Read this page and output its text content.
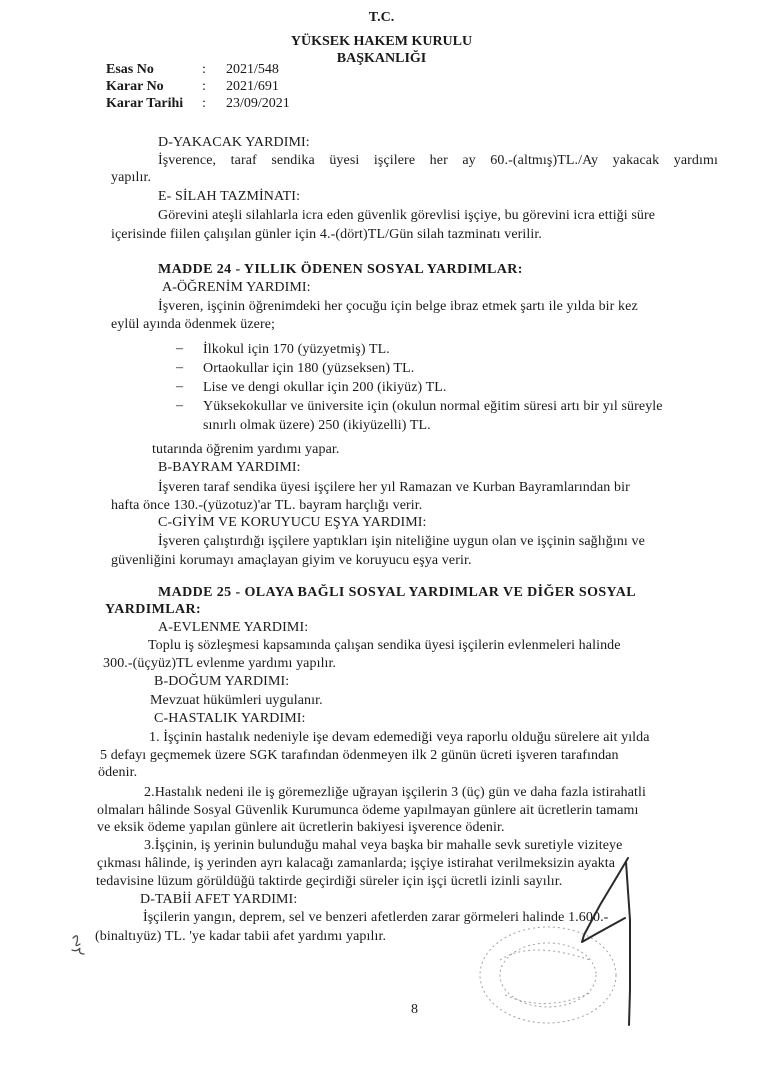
T.C.
YÜKSEK HAKEM KURULU
BAŞKANLIĞI
Esas No	: 2021/548
Karar No	: 2021/691
Karar Tarihi : 23/09/2021
D-YAKACAK YARDIMI:
İşverence, taraf sendika üyesi işçilere her ay 60.-(altmış)TL./Ay yakacak yardımı
yapılır.
E- SİLAH TAZMİNATI:
Görevini ateşli silahlarla icra eden güvenlik görevlisi işçiye, bu görevini icra ettiği süre
içerisinde fiilen çalışılan günler için 4.-(dört)TL/Gün silah tazminatı verilir.
MADDE 24 - YILLIK ÖDENEN SOSYAL YARDIMLAR:
A-ÖĞRENİM YARDIMI:
İşveren, işçinin öğrenimdeki her çocuğu için belge ibraz etmek şartı ile yılda bir kez
eylül ayında ödenmek üzere;
– İlkokul için 170 (yüzyetmiş) TL.
– Ortaokullar için 180 (yüzseksen) TL.
– Lise ve dengi okullar için 200 (ikiyüz) TL.
– Yüksekokullar ve üniversite için (okulun normal eğitim süresi artı bir yıl süreyle
sınırlı olmak üzere) 250 (ikiyüzelli) TL.
tutarında öğrenim yardımı yapar.
B-BAYRAM YARDIMI:
İşveren taraf sendika üyesi işçilere her yıl Ramazan ve Kurban Bayramlarından bir
hafta önce 130.-(yüzotuz)'ar TL. bayram harçlığı verir.
C-GİYİM VE KORUYUCU EŞYA YARDIMI:
İşveren çalıştırdığı işçilere yaptıkları işin niteliğine uygun olan ve işçinin sağlığını ve
güvenliğini korumayı amaçlayan giyim ve koruyucu eşya verir.
MADDE 25 - OLAYA BAĞLI SOSYAL YARDIMLAR VE DİĞER SOSYAL
YARDIMLAR:
A-EVLENME YARDIMI:
Toplu iş sözleşmesi kapsamında çalışan sendika üyesi işçilerin evlenmeleri halinde
300.-(üçyüz)TL evlenme yardımı yapılır.
B-DOĞUM YARDIMI:
Mevzuat hükümleri uygulanır.
C-HASTALIK YARDIMI:
1. İşçinin hastalık nedeniyle işe devam edemediği veya raporlu olduğu sürelere ait yılda
5 defayı geçmemek üzere SGK tarafından ödenmeyen ilk 2 günün ücreti işveren tarafından
ödenir.
2.Hastalık nedeni ile iş göremezliğe uğrayan işçilerin 3 (üç) gün ve daha fazla istirahatli
olmaları hâlinde Sosyal Güvenlik Kurumunca ödeme yapılmayan günlere ait ücretlerin tamamı
ve eksik ödeme yapılan günlere ait ücretlerin bakiyesi işverence ödenir.
3.İşçinin, iş yerinin bulunduğu mahal veya başka bir mahalle sevk suretiyle viziteye
çıkması hâlinde, iş yerinden ayrı kalacağı zamanlarda; işçiye istirahat verilmeksizin ayakta
tedavisine lüzum görüldüğü taktirde geçirdiği süreler için işçi ücretli izinli sayılır.
D-TABİİ AFET YARDIMI:
İşçilerin yangın, deprem, sel ve benzeri afetlerden zarar görmeleri halinde 1.600.-
(binaltıyüz) TL. 'ye kadar tabii afet yardımı yapılır.
8
